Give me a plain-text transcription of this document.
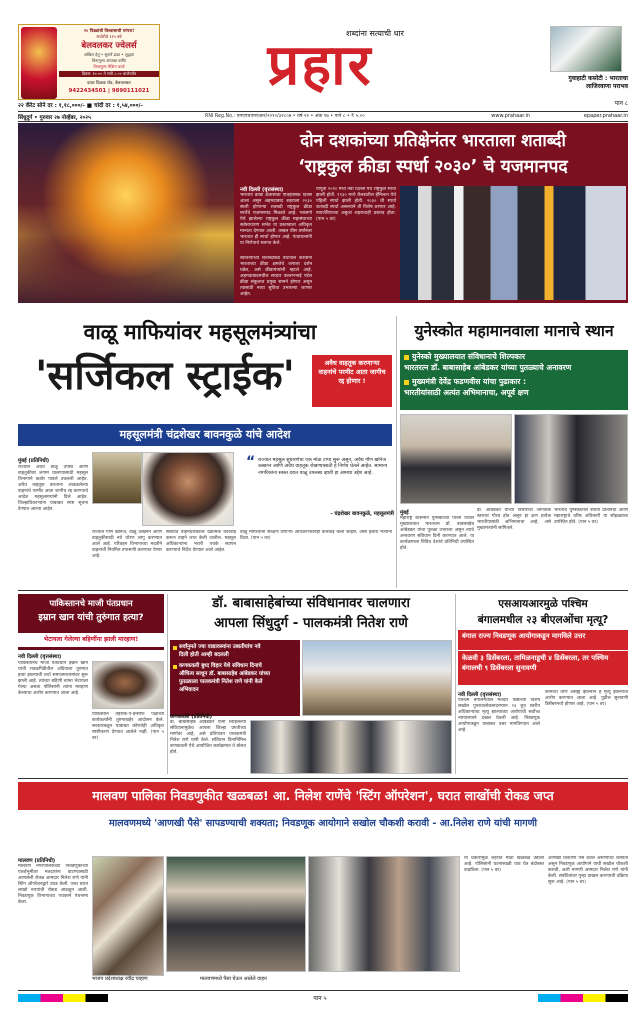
२० पिढ्यांची विश्वासाची परंपरा!
सचोटीचे ११५ वर्ष
बेलवलकर ज्वेलर्स
अखिल हेतु • सुवर्ण ढाळ • शुद्धता
विनामूल्य अंगठ्या वर्षीय
विनामूल्य मेकिंग चार्ज
दिवस: १०.०० ते रात्री ८.०० वाजेपर्यंत
दादर टिळक रोड, बेलवलकर
9422434501 | 9890111021
२२ कॅरेट सोने दर : १,१८,०००/- ■ चांदी दर : १,५४,०००/-
शब्दांना सत्याची धार
प्रहार	गुवाहाटी कसोटी : भारताचा
लाजिरवाणा पराभव
पान ८
सिंधुदुर्ग • गुरुवार २७ नोव्हेंबर, २०२५	RNI Reg.No.: एमएएचएमएआर/२०१०/३२८०७ • वर्ष २२ • अंक ९७ • पाने ८ • ₹ ५.००	www.prahaar.in	epaper.prahaar.in
दोन दशकांच्या प्रतिक्षेनंतर भारताला शताब्दी
‘राष्ट्रकुल क्रीडा स्पर्धा २०३०’ चे यजमानपद
नवी दिल्ली (वृत्तसंस्था)
भारतीय क्रीडा क्षेत्रासाठी ऐतिहासिक दिवस आला असून अहमदाबाद शहराला २०३० साली होणाऱ्या शताब्दी राष्ट्रकुल क्रीडा स्पर्धेचे यजमानपद मिळाले आहे. ग्लासगो येथे झालेल्या राष्ट्रकुल क्रीडा महासंघाच्या सर्वसाधारण सभेत या प्रस्तावाला अधिकृत मान्यता देण्यात आली. तब्बल वीस वर्षांनंतर भारतात ही स्पर्धा होणार आहे. पंतप्रधानांनी या निर्णयाचे स्वागत केले.
स्वातंत्र्याच्या शताब्दीकडे वाटचाल करताना भारताच्या क्रीडा क्षमतेचे जगाला दर्शन घडेल, असे क्रीडामंत्र्यांनी म्हटले आहे. अहमदाबादमधील सरदार वल्लभभाई पटेल क्रीडा संकुलात प्रमुख सामने होणार असून त्यासाठी नव्या सुविधा उभारल्या जाणार आहेत.
यापूर्वी २०१० मध्ये नवी दिल्ली येथे राष्ट्रकुल स्पर्धा झाली होती. १९३० मध्ये कॅनडातील हॅमिल्टन येथे पहिली स्पर्धा झाली होती. २०३० ची स्पर्धा शताब्दी स्पर्धा असल्याने ती विशेष ठरणार आहे. नायजेरियाच्या अबुजा शहराचाही प्रस्ताव होता. (पान ५ वर)
वाळू माफियांवर महसूलमंत्र्यांचा
'सर्जिकल स्ट्राईक'	अवैध वाहतूक करणाऱ्या वाहनांचे परमीट आता जागीच रद्द होणार !
महसूलमंत्री चंद्रशेखर बावनकुळे यांचे आदेश
मुंबई (प्रतिनिधी)
राज्यात अवैध वाळू उपसा आणि वाहतुकीवर लगाम घालण्यासाठी महसूल विभागाने कठोर पावले उचलली आहेत. अवैध वाहतूक करताना आढळलेल्या वाहनांचे परमीट आता जागीच रद्द करण्याचे आदेश महसूलमंत्र्यांनी दिले आहेत. जिल्हाधिकाऱ्यांना याबाबत स्पष्ट सूचना देण्यात आल्या आहेत.
राज्यात गौण खनिज, वाळू उत्खनन आणि वाहतुकीसाठी नवे धोरण लागू करण्यात आले आहे. परिवहन विभागाच्या मदतीने वाहनांची नियमित तपासणी करण्यात येणार आहे.
संबंधित वाहनधारकांवर दंडात्मक कारवाई करून वाहने जप्त केली जातील. महसूल अधिकाऱ्यांना भरारी पथके स्थापन करण्याचे निर्देश देण्यात आले आहेत.
“ राज्यात महसूल सुधारणेचा एक मोठा टप्पा सुरू असून, अवैध गौण खनिज उत्खनन आणि अवैध वाहतूक रोखण्यासाठी हे निर्णय घेतले आहेत. सामान्य नागरिकांना स्वस्त दरात वाळू उपलब्ध व्हावी हा आमचा उद्देश आहे.
- चंद्रशेखर बावनकुळे, महसूलमंत्री
वाळू माफियांना संरक्षण देणाऱ्या अधिकाऱ्यांवरही कारवाई केली जाईल, असा इशारा मंत्र्यांनी दिला. (पान ५ वर)
युनेस्कोत महामानवाला मानाचे स्थान
युनेस्को मुख्यालयात संविधानाचे शिल्पकार
भारतरत्न डॉ. बाबासाहेब आंबेडकर यांच्या पुतळ्याचे अनावरण
मुख्यमंत्री देवेंद्र फडणवीस यांचा पुढाकार :
भारतीयांसाठी अत्यंत अभिमानाचा, अपूर्व क्षण
मुंबई
महाराष्ट्र शासनाने युनेस्कोच्या पॅरिस येथील मुख्यालयात भारतरत्न डॉ. बाबासाहेब आंबेडकर यांचा पुतळा उभारला असून त्याचे अनावरण संविधान दिनी करण्यात आले. या कार्यक्रमाला विविध देशांचे प्रतिनिधी उपस्थित होते.
डॉ. आंबेडकर यांच्या विचारांचा जागतिक स्तरावर गौरव होत असून हा क्षण प्रत्येक भारतीयासाठी अभिमानाचा आहे, असे मुख्यमंत्र्यांनी सांगितले.
भारताचे युनेस्कोतील स्थायी प्रतिनिधी आणि महाराष्ट्राचे वरिष्ठ अधिकारी या सोहळ्याला उपस्थित होते. (पान ५ वर)
पाकिस्तानचे माजी पंतप्रधान
इम्रान खान यांची तुरुंगात हत्या?
भेटायला गेलेल्या बहिणींना झाली मारहाण!
नवी दिल्ली (वृत्तसंस्था)
पाकिस्तानचे माजी पंतप्रधान इम्रान खान यांची रावळपिंडीतील अदियाला तुरुंगात हत्या झाल्याची चर्चा समाजमाध्यमांवर सुरू झाली आहे. त्यांच्या बहिणी त्यांना भेटायला गेल्या असता पोलिसांनी त्यांना मारहाण केल्याचा आरोप करण्यात आला आहे.
पाकिस्तान तेहरीक-ए-इन्साफ पक्षाच्या कार्यकर्त्यांनी तुरुंगाबाहेर आंदोलन केले. सरकारकडून याबाबत कोणतेही अधिकृत स्पष्टीकरण देण्यात आलेले नाही. (पान ५ वर)
डॉ. बाबासाहेबांच्या संविधानावर चालणारा
आपला सिंधुदुर्ग - पालकमंत्री नितेश राणे
सर्वांनुमते ज्या वाद्यावस्यांना उबातीयांच नवे
दिली होती आम्ही बदलली
कणकवली बुध्द विहार येथे संविधान दिनाचे
औचित्य साधून डॉ. बाबासाहेब आंबेडकर यांच्या
पुतळ्याला पालकमंत्री नितेश राणे यांनी केले
अभिवादन
कणकवली (प्रतिनिधी)
डॉ. बाबासाहेब आंबेडकर यांनी लिहिलेल्या संविधानामुळेच आपला जिल्हा प्रगतीच्या मार्गावर आहे, असे प्रतिपादन पालकमंत्री नितेश राणे यांनी केले. संविधान दिनानिमित्त कणकवली येथे आयोजित कार्यक्रमात ते बोलत होते.
एसआयआरमुळे पश्चिम
बंगालमधील २३ बीएलओंचा मृत्यू?
बंगाल राज्य निवडणूक आयोगाकडून मागविले उत्तर
केळवी ३ डिसेंबरला, तामिळनाडूची ४ डिसेंबरला, तर पश्चिम बंगालची ९ डिसेंबरला सुनावणी
नवी दिल्ली (वृत्तसंस्था)
पश्चिम बंगालमधील मतदार याद्यांच्या विशेष सखोल पुनरावलोकनादरम्यान २३ बूथ स्तरीय अधिकाऱ्यांचा मृत्यू झाल्याच्या आरोपांची सर्वोच्च न्यायालयाने दखल घेतली आहे. निवडणूक आयोगाकडून याबाबत उत्तर मागविण्यात आले आहे.
कामाचा ताण असह्य झाल्याने हे मृत्यू झाल्याचा आरोप करण्यात आला आहे. पुढील सुनावणी डिसेंबरमध्ये होणार आहे. (पान ५ वर)
मालवण पालिका निवडणुकीत खळबळ! आ. निलेश राणेंचे 'स्टिंग ऑपरेशन', घरात लाखोंची रोकड जप्त
मालवणमध्ये 'आणखी पैसे' सापडण्याची शक्यता; निवडणूक आयोगाने सखोल चौकशी करावी - आ.निलेश राणे यांची मागणी
मालवण (प्रतिनिधी)
मालवण नगरपालिकेच्या निवडणुकीच्या पार्श्वभूमीवर मतदारांना वाटण्यासाठी आणलेली रोकड आमदार निलेश राणे यांनी स्टिंग ऑपरेशनद्वारे उघड केली. एका घरात लाखो रुपयांची रोकड आढळून आली. निवडणूक विभागाच्या पथकाने पंचनामा केला.
भाजप प्रदेशाध्यक्ष रवींद्र चव्हाण	मालवणमध्ये पैसा घेऊन आलेले वाहन
या प्रकारामुळे शहरात मोठी खळबळ उडाली आहे. पोलिसांनी घटनास्थळी धाव घेत बंदोबस्त वाढविला. (पान ५ वर)
आणखी ठिकाणी पैसे ठेवले असण्याची शक्यता असून निवडणूक आयोगाने याची सखोल चौकशी करावी, अशी मागणी आमदार निलेश राणे यांनी केली. संबंधितांवर गुन्हा दाखल करण्याची प्रक्रिया सुरू आहे. (पान ५ वर)
पान ५
